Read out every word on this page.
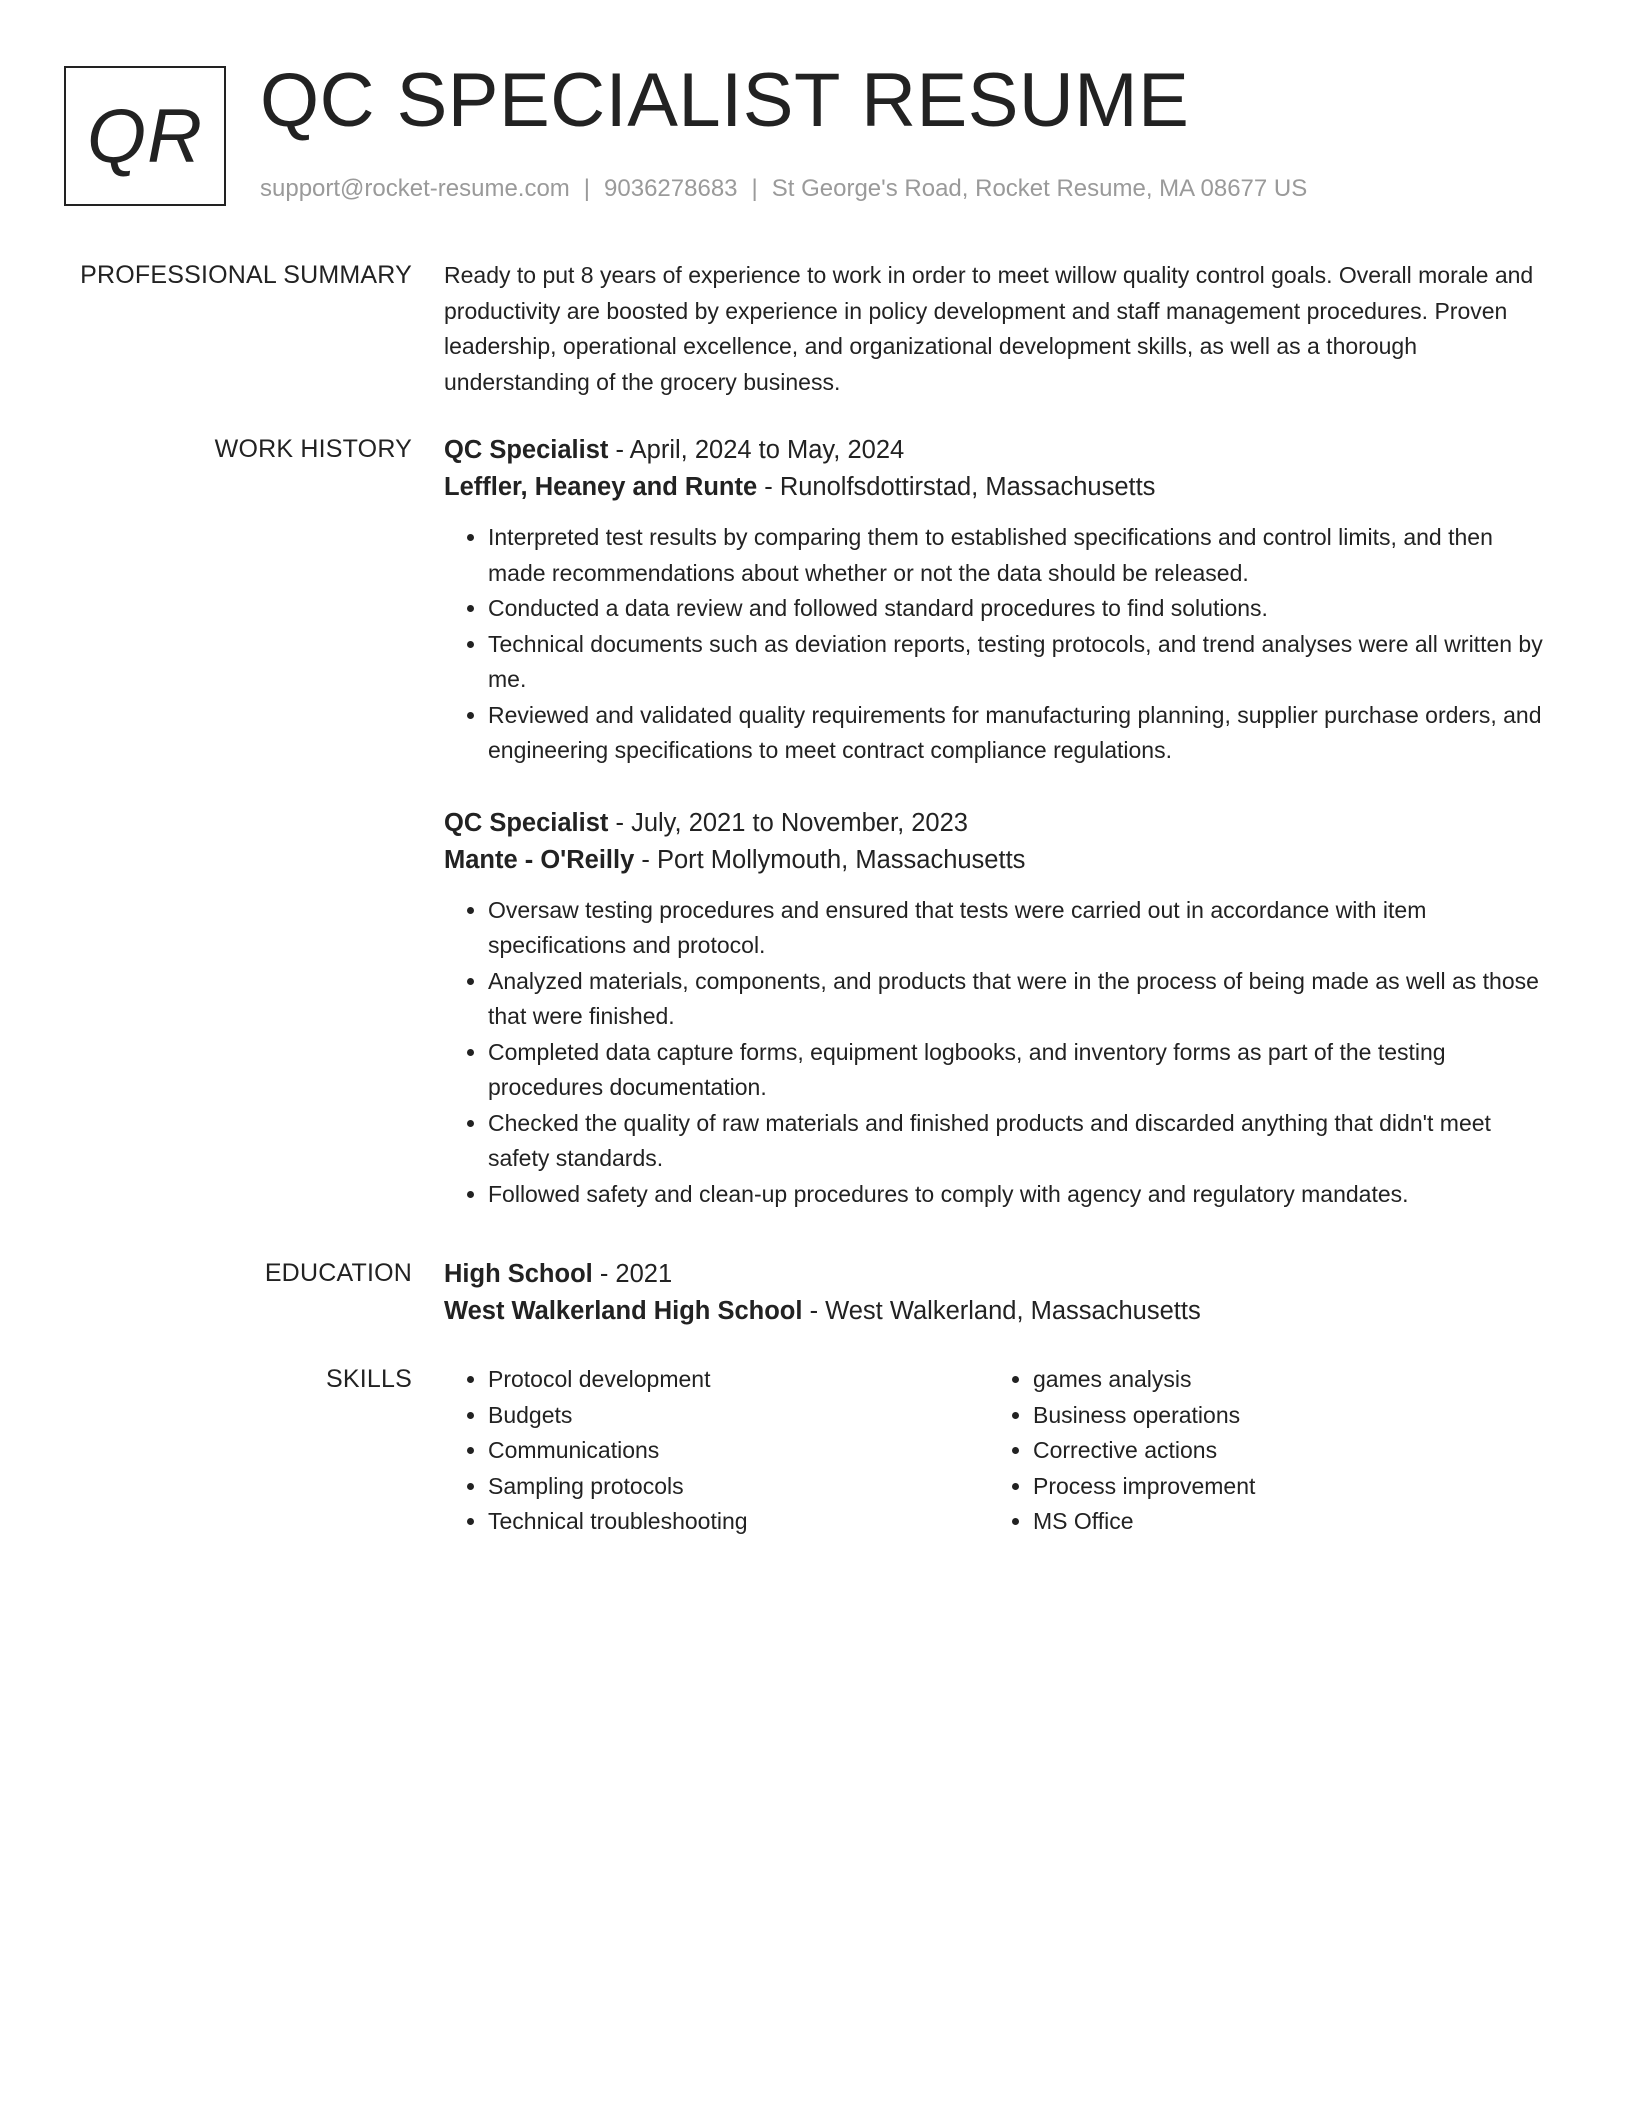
QR QC SPECIALIST RESUME
support@rocket-resume.com | 9036278683 | St George's Road, Rocket Resume, MA 08677 US
PROFESSIONAL SUMMARY Ready to put 8 years of experience to work in order to meet willow quality control goals. Overall morale and productivity are boosted by experience in policy development and staff management procedures. Proven leadership, operational excellence, and organizational development skills, as well as a thorough understanding of the grocery business.

WORK HISTORY QC Specialist - April, 2024 to May, 2024
Leffler, Heaney and Runte - Runolfsdottirstad, Massachusetts
• Interpreted test results by comparing them to established specifications and control limits, and then made recommendations about whether or not the data should be released.
• Conducted a data review and followed standard procedures to find solutions.
• Technical documents such as deviation reports, testing protocols, and trend analyses were all written by me.
• Reviewed and validated quality requirements for manufacturing planning, supplier purchase orders, and engineering specifications to meet contract compliance regulations.
QC Specialist - July, 2021 to November, 2023
Mante - O'Reilly - Port Mollymouth, Massachusetts
• Oversaw testing procedures and ensured that tests were carried out in accordance with item specifications and protocol.
• Analyzed materials, components, and products that were in the process of being made as well as those that were finished.
• Completed data capture forms, equipment logbooks, and inventory forms as part of the testing procedures documentation.
• Checked the quality of raw materials and finished products and discarded anything that didn't meet safety standards.
• Followed safety and clean-up procedures to comply with agency and regulatory mandates.
EDUCATION High School - 2021
West Walkerland High School - West Walkerland, Massachusetts
SKILLS
•	Protocol development
• Budgets
• Communications
• Sampling protocols
• Technical troubleshooting
• games analysis
• Business operations
• Corrective actions
• Process improvement
• MS Office
